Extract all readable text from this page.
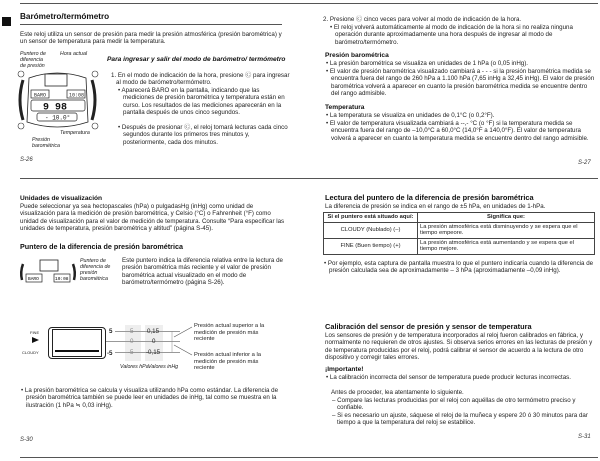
Barómetro/termómetro
Este reloj utiliza un sensor de presión para medir la presión atmosférica (presión barométrica) y un sensor de temperatura para medir la temperatura.
Puntero de diferencia de presión
Hora actual
BARO	10:08
9 98
- 10.0°
Temperatura
Presión barométrica
Para ingresar y salir del modo de barómetro/ termómetro
1. En el modo de indicación de la hora, presione Ⓒ para ingresar al modo de barómetro/termómetro.
• Aparecerá BARO en la pantalla, indicando que las mediciones de presión barométrica y temperatura están en curso. Los resultados de las mediciones aparecerán en la pantalla después de unos cinco segundos.
• Después de presionar Ⓒ, el reloj tomará lecturas cada cinco segundos durante los primeros tres minutos y, posteriormente, cada dos minutos.
S-26
2. Presione Ⓒ cinco veces para volver al modo de indicación de la hora.
• El reloj volverá automáticamente al modo de indicación de la hora si no realiza ninguna operación durante aproximadamente una hora después de ingresar al modo de barómetro/termómetro.
Presión barométrica
• La presión barométrica se visualiza en unidades de 1 hPa (o 0,05 inHg).
• El valor de presión barométrica visualizado cambiará a - - - si la presión barométrica medida se encuentra fuera del rango de 260 hPa a 1.100 hPa (7,65 inHg a 32,45 inHg). El valor de presión barométrica volverá a aparecer en cuanto la presión barométrica medida se encuentre dentro del rango admisible.
Temperatura
• La temperatura se visualiza en unidades de 0,1°C (o 0,2°F).
• El valor de temperatura visualizada cambiará a --,- °C (o °F) si la temperatura medida se encuentra fuera del rango de –10,0°C a 60,0°C (14,0°F a 140,0°F). El valor de temperatura volverá a aparecer en cuanto la temperatura medida se encuentre dentro del rango admisible.
S-27
Unidades de visualización
Puede seleccionar ya sea hectopascales (hPa) o pulgadasHg (inHg) como unidad de visualización para la medición de presión barométrica, y Celsio (°C) o Fahrenheit (°F) como unidad de visualización para el valor de medición de temperatura. Consulte “Para especificar las unidades de temperatura, presión barométrica y altitud” (página S-45).
Puntero de la diferencia de presión barométrica
BARO	10:08
Puntero de diferencia de presión barométrica
Este puntero indica la diferencia relativa entre la lectura de presión barométrica más reciente y el valor de presión barométrica actual visualizado en el modo de barómetro/termómetro (página S-26).
FINE
CLOUDY
5
-5
5
0
-5
0,15
0
-0,15
Valores hPa Valores inHg
Presión actual superior a la medición de presión más reciente
Presión actual inferior a la medición de presión más reciente
• La presión barométrica se calcula y visualiza utilizando hPa como estándar. La diferencia de presión barométrica también se puede leer en unidades de inHg, tal como se muestra en la ilustración (1 hPa ≒ 0,03 inHg).
S-30
Lectura del puntero de la diferencia de presión barométrica
La diferencia de presión se indica en el rango de ±5 hPa, en unidades de 1-hPa.
Si el puntero está situado aquí:	Significa que:
CLOUDY (Nublado) (–)	La presión atmosférica está disminuyendo y se espera que el tiempo empeore.
FINE (Buen tiempo) (+)	La presión atmosférica está aumentando y se espera que el tiempo mejore.
• Por ejemplo, esta captura de pantalla muestra lo que el puntero indicaría cuando la diferencia de presión calculada sea de aproximadamente – 3 hPa (aproximadamente –0,09 inHg).
Calibración del sensor de presión y sensor de temperatura
Los sensores de presión y de temperatura incorporados al reloj fueron calibrados en fábrica, y normalmente no requieren de otros ajustes. Si observa serios errores en las lecturas de presión y de temperatura producidas por el reloj, podrá calibrar el sensor de acuerdo a la lectura de otro dispositivo y corregir tales errores.
¡Importante!
• La calibración incorrecta del sensor de temperatura puede producir lecturas incorrectas.
Antes de proceder, lea atentamente lo siguiente.
– Compare las lecturas producidas por el reloj con aquéllas de otro termómetro preciso y confiable.
– Si es necesario un ajuste, sáquese el reloj de la muñeca y espere 20 ó 30 minutos para dar tiempo a que la temperatura del reloj se estabilice.
S-31
